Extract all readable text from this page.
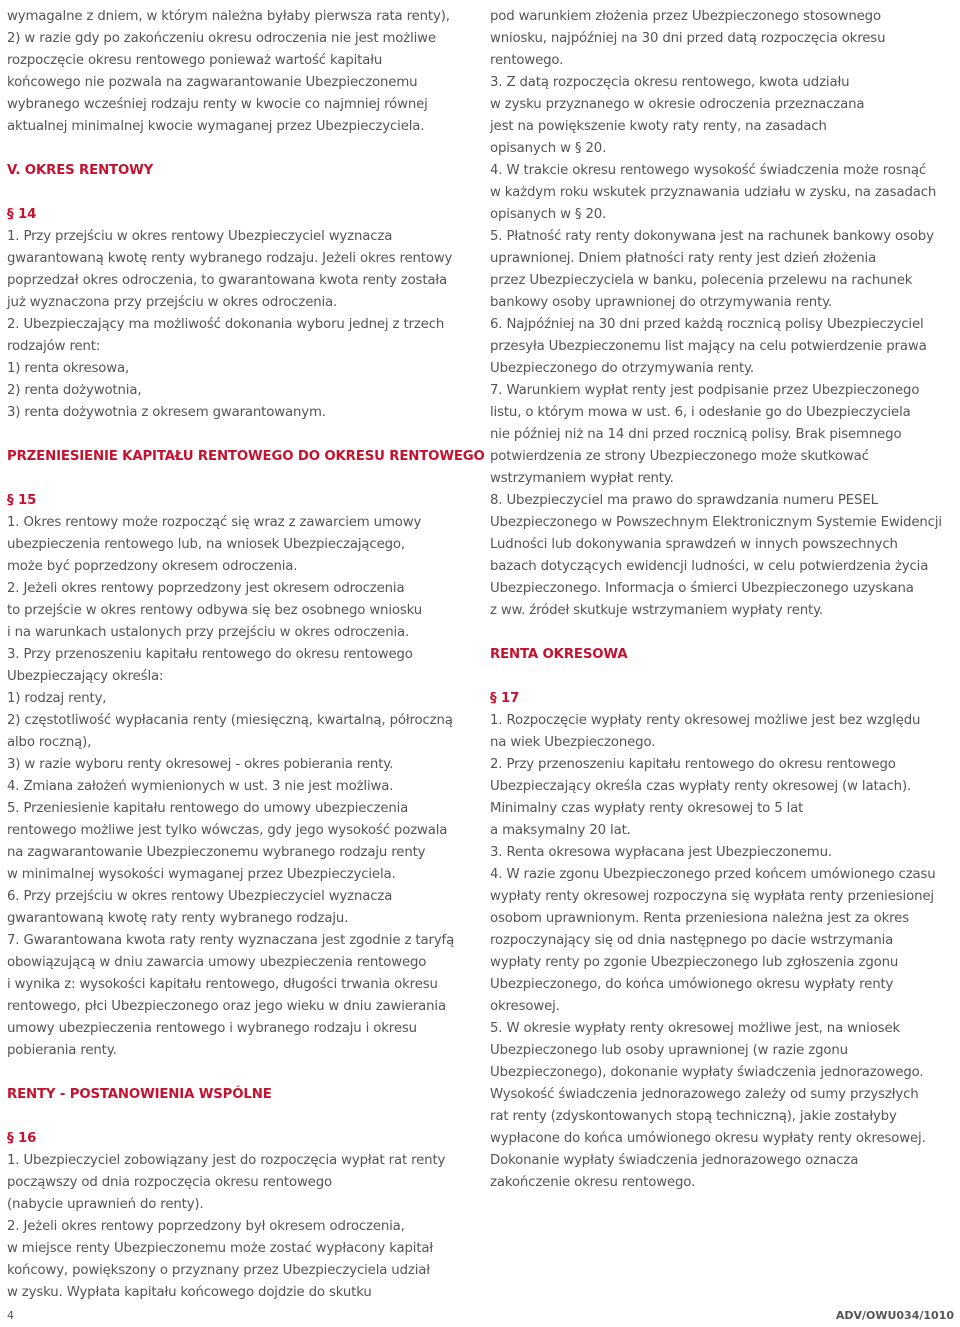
wymagalne z dniem, w którym należna byłaby pierwsza rata renty),
2) w razie gdy po zakończeniu okresu odroczenia nie jest możliwe
rozpoczęcie okresu rentowego ponieważ wartość kapitału
końcowego nie pozwala na zagwarantowanie Ubezpieczonemu
wybranego wcześniej rodzaju renty w kwocie co najmniej równej
aktualnej minimalnej kwocie wymaganej przez Ubezpieczyciela.
V. OKRES RENTOWY
§ 14
1. Przy przejściu w okres rentowy Ubezpieczyciel wyznacza
gwarantowaną kwotę renty wybranego rodzaju. Jeżeli okres rentowy
poprzedzał okres odroczenia, to gwarantowana kwota renty została
już wyznaczona przy przejściu w okres odroczenia.
2. Ubezpieczający ma możliwość dokonania wyboru jednej z trzech
rodzajów rent:
1) renta okresowa,
2) renta dożywotnia,
3) renta dożywotnia z okresem gwarantowanym.
PRZENIESIENIE KAPITAŁU RENTOWEGO DO OKRESU RENTOWEGO
§ 15
1. Okres rentowy może rozpocząć się wraz z zawarciem umowy
ubezpieczenia rentowego lub, na wniosek Ubezpieczającego,
może być poprzedzony okresem odroczenia.
2. Jeżeli okres rentowy poprzedzony jest okresem odroczenia
to przejście w okres rentowy odbywa się bez osobnego wniosku
i na warunkach ustalonych przy przejściu w okres odroczenia.
3. Przy przenoszeniu kapitału rentowego do okresu rentowego
Ubezpieczający określa:
1) rodzaj renty,
2) częstotliwość wypłacania renty (miesięczną, kwartalną, półroczną
albo roczną),
3) w razie wyboru renty okresowej - okres pobierania renty.
4. Zmiana założeń wymienionych w ust. 3 nie jest możliwa.
5. Przeniesienie kapitału rentowego do umowy ubezpieczenia
rentowego możliwe jest tylko wówczas, gdy jego wysokość pozwala
na zagwarantowanie Ubezpieczonemu wybranego rodzaju renty
w minimalnej wysokości wymaganej przez Ubezpieczyciela.
6. Przy przejściu w okres rentowy Ubezpieczyciel wyznacza
gwarantowaną kwotę raty renty wybranego rodzaju.
7. Gwarantowana kwota raty renty wyznaczana jest zgodnie z taryfą
obowiązującą w dniu zawarcia umowy ubezpieczenia rentowego
i wynika z: wysokości kapitału rentowego, długości trwania okresu
rentowego, płci Ubezpieczonego oraz jego wieku w dniu zawierania
umowy ubezpieczenia rentowego i wybranego rodzaju i okresu
pobierania renty.
RENTY - POSTANOWIENIA WSPÓLNE
§ 16
1. Ubezpieczyciel zobowiązany jest do rozpoczęcia wypłat rat renty
począwszy od dnia rozpoczęcia okresu rentowego
(nabycie uprawnień do renty).
2. Jeżeli okres rentowy poprzedzony był okresem odroczenia,
w miejsce renty Ubezpieczonemu może zostać wypłacony kapitał
końcowy, powiększony o przyznany przez Ubezpieczyciela udział
w zysku. Wypłata kapitału końcowego dojdzie do skutku
pod warunkiem złożenia przez Ubezpieczonego stosownego
wniosku, najpóźniej na 30 dni przed datą rozpoczęcia okresu
rentowego.
3. Z datą rozpoczęcia okresu rentowego, kwota udziału
w zysku przyznanego w okresie odroczenia przeznaczana
jest na powiększenie kwoty raty renty, na zasadach
opisanych w § 20.
4. W trakcie okresu rentowego wysokość świadczenia może rosnąć
w każdym roku wskutek przyznawania udziału w zysku, na zasadach
opisanych w § 20.
5. Płatność raty renty dokonywana jest na rachunek bankowy osoby
uprawnionej. Dniem płatności raty renty jest dzień złożenia
przez Ubezpieczyciela w banku, polecenia przelewu na rachunek
bankowy osoby uprawnionej do otrzymywania renty.
6. Najpóźniej na 30 dni przed każdą rocznicą polisy Ubezpieczyciel
przesyła Ubezpieczonemu list mający na celu potwierdzenie prawa
Ubezpieczonego do otrzymywania renty.
7. Warunkiem wypłat renty jest podpisanie przez Ubezpieczonego
listu, o którym mowa w ust. 6, i odesłanie go do Ubezpieczyciela
nie później niż na 14 dni przed rocznicą polisy. Brak pisemnego
potwierdzenia ze strony Ubezpieczonego może skutkować
wstrzymaniem wypłat renty.
8. Ubezpieczyciel ma prawo do sprawdzania numeru PESEL
Ubezpieczonego w Powszechnym Elektronicznym Systemie Ewidencji
Ludności lub dokonywania sprawdzeń w innych powszechnych
bazach dotyczących ewidencji ludności, w celu potwierdzenia życia
Ubezpieczonego. Informacja o śmierci Ubezpieczonego uzyskana
z ww. źródeł skutkuje wstrzymaniem wypłaty renty.
RENTA OKRESOWA
§ 17
1. Rozpoczęcie wypłaty renty okresowej możliwe jest bez względu
na wiek Ubezpieczonego.
2. Przy przenoszeniu kapitału rentowego do okresu rentowego
Ubezpieczający określa czas wypłaty renty okresowej (w latach).
Minimalny czas wypłaty renty okresowej to 5 lat
a maksymalny 20 lat.
3. Renta okresowa wypłacana jest Ubezpieczonemu.
4. W razie zgonu Ubezpieczonego przed końcem umówionego czasu
wypłaty renty okresowej rozpoczyna się wypłata renty przeniesionej
osobom uprawnionym. Renta przeniesiona należna jest za okres
rozpoczynający się od dnia następnego po dacie wstrzymania
wypłaty renty po zgonie Ubezpieczonego lub zgłoszenia zgonu
Ubezpieczonego, do końca umówionego okresu wypłaty renty
okresowej.
5. W okresie wypłaty renty okresowej możliwe jest, na wniosek
Ubezpieczonego lub osoby uprawnionej (w razie zgonu
Ubezpieczonego), dokonanie wypłaty świadczenia jednorazowego.
Wysokość świadczenia jednorazowego zależy od sumy przyszłych
rat renty (zdyskontowanych stopą techniczną), jakie zostałyby
wypłacone do końca umówionego okresu wypłaty renty okresowej.
Dokonanie wypłaty świadczenia jednorazowego oznacza
zakończenie okresu rentowego.
4	ADV/OWU034/1010
